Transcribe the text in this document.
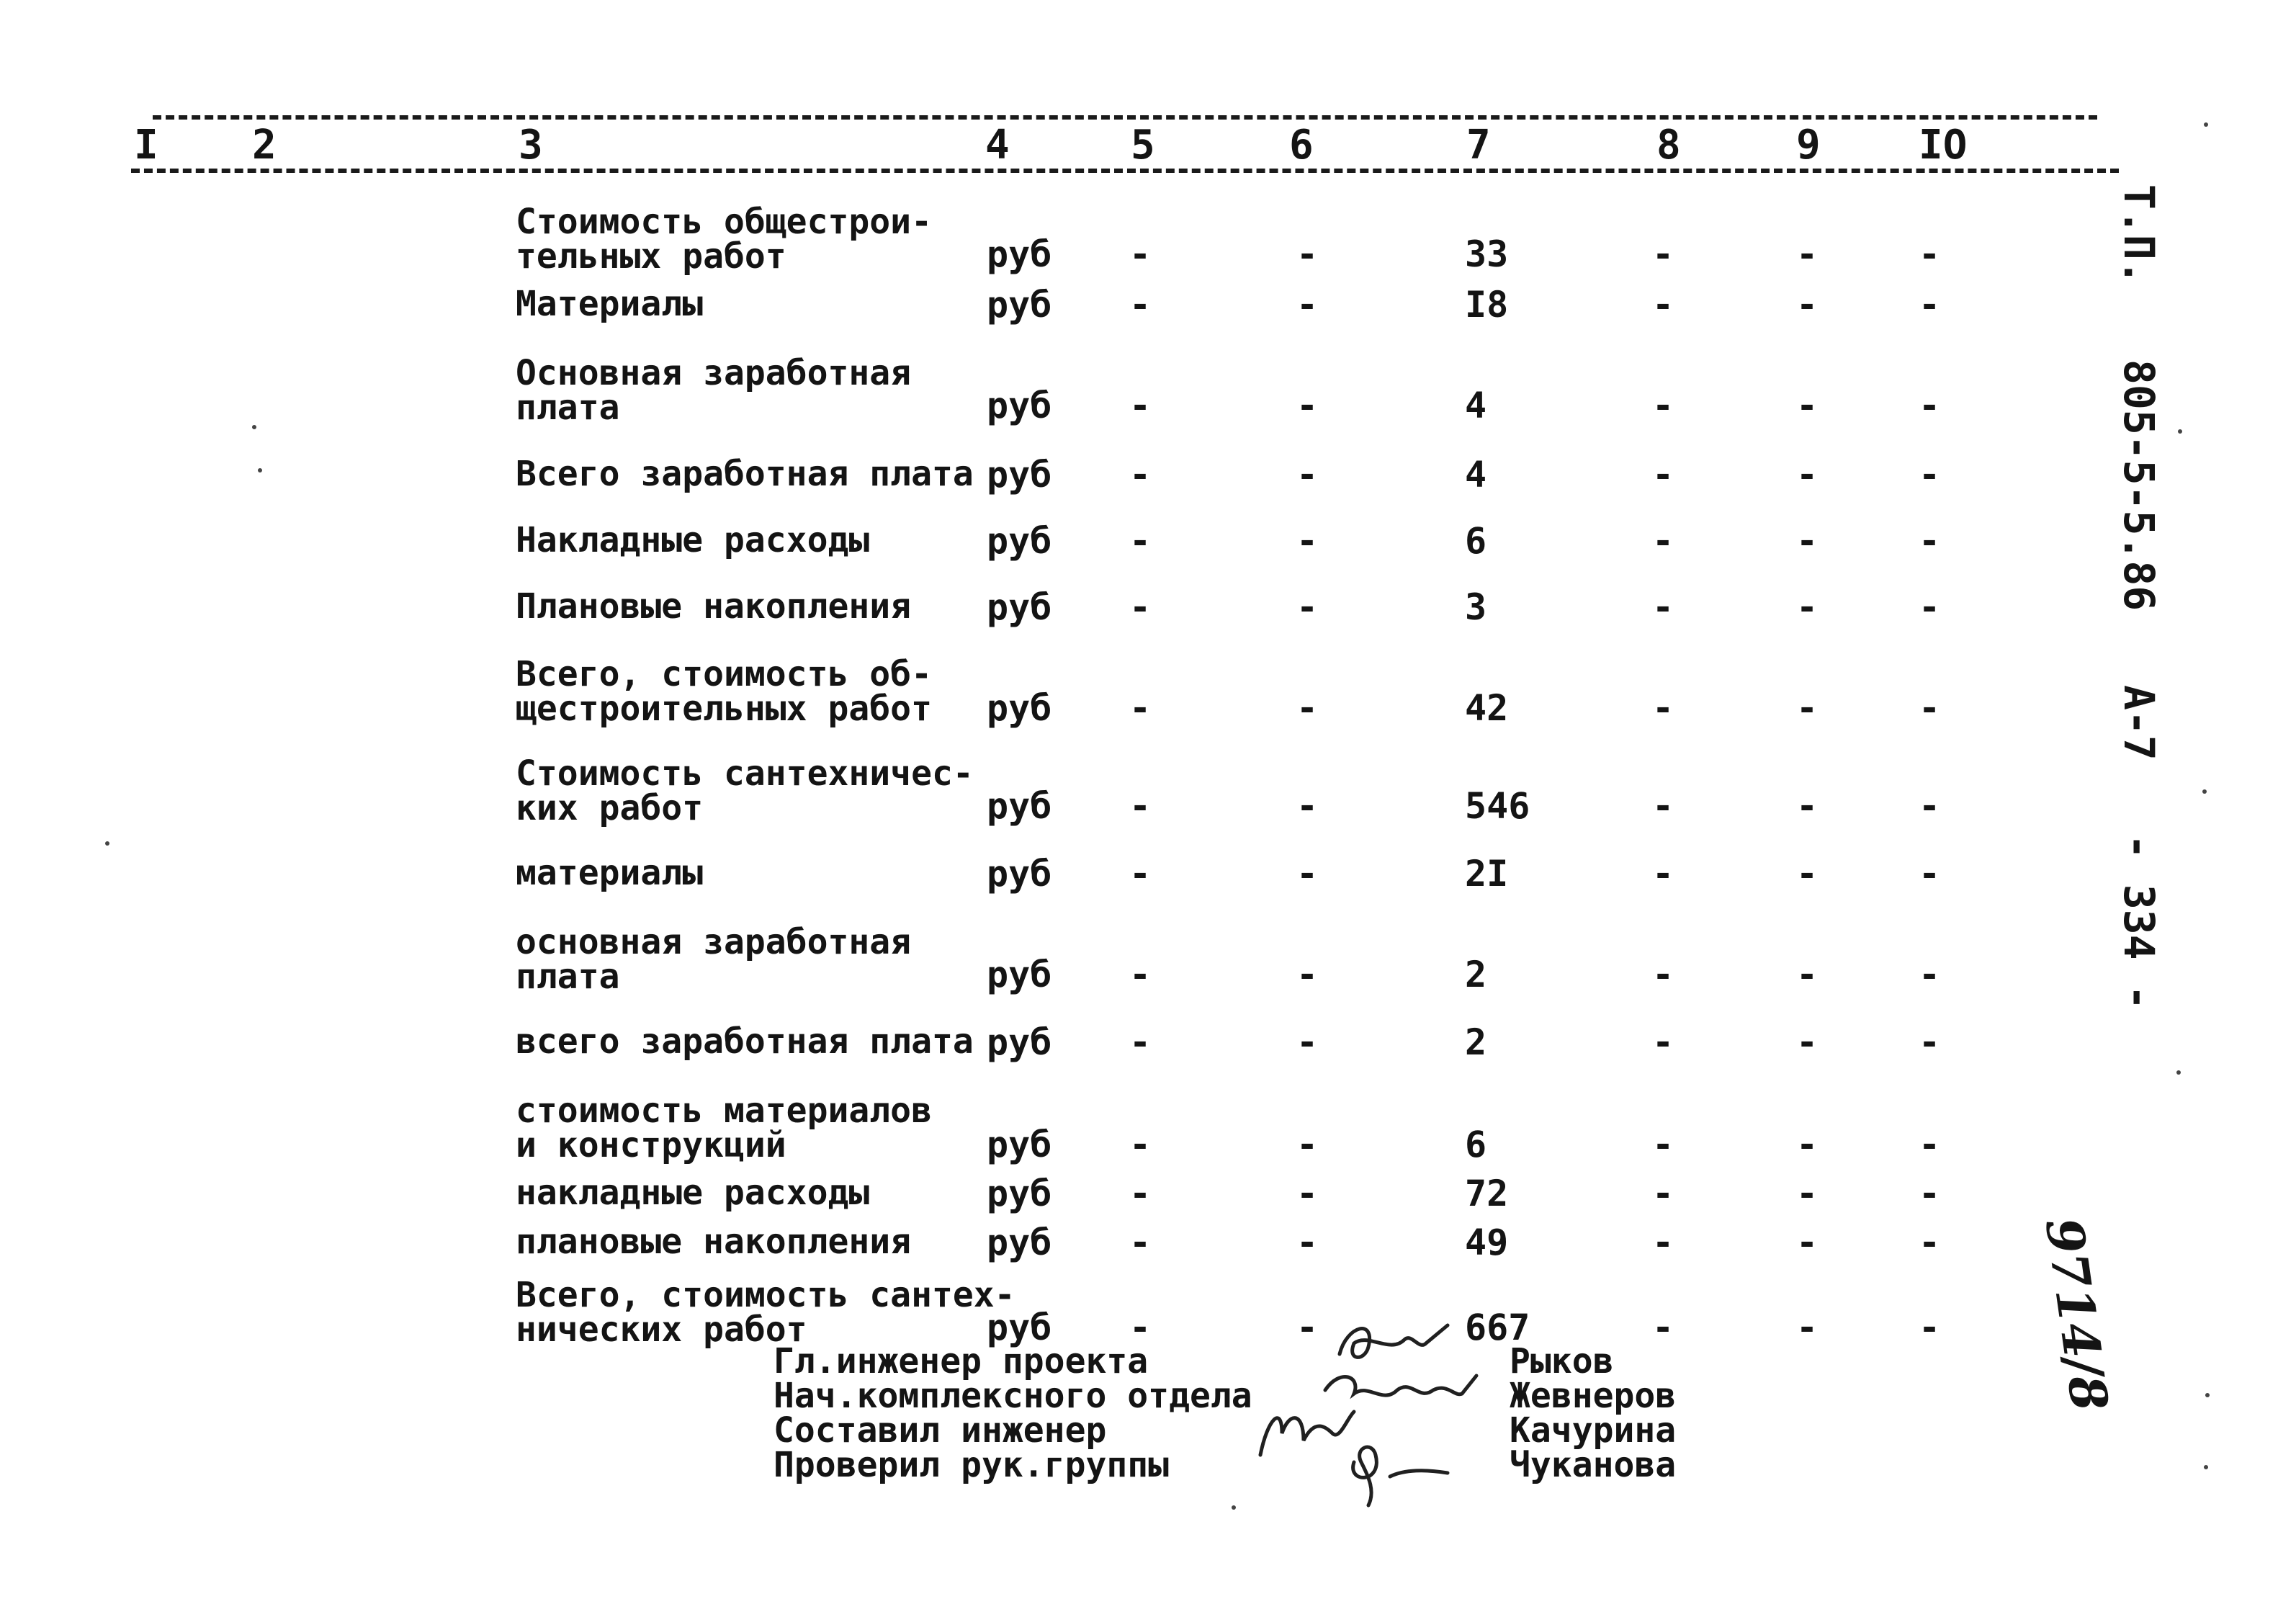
I 2	3	4	5	6	7	8	9 IO
Стоимость общестрои-
тельных работ	руб -	-	33	-	-	-
Материалы	руб -	-	I8	-	-	-
Основная заработная
плата	руб -	-	4	-	-	-
Всего заработная плата руб -	-	4	-	-	-
Накладные расходы	руб -	-	6	-	-	-
Плановые накопления	руб -	-	3	-	-	-
Всего, стоимость об-
щестроительных работ	руб -	-	42	-	-	-
Стоимость сантехничес-
ких работ	руб -	-	546	-	-	-
материалы	руб -	-	2I	-	-	-
основная заработная
плата	руб -	-	2	-	-	-
всего заработная плата руб -	-	2	-	-	-
стоимость материалов
и конструкций	руб -	-	6	-	-	-
накладные расходы	руб -	-	72	-	-	-
плановые накопления	руб -	-	49	-	-	-
Всего, стоимость сантех-
нических работ	руб -	-	667	-	-	-
Гл.инженер проекта	Рыков
Нач.комплексного отдела	Жевнеров
Составил инженер	Качурина
Проверил рук.группы	Чуканова
Т.П. 805-5-5.86 А-7 - 334 -
9714/8
